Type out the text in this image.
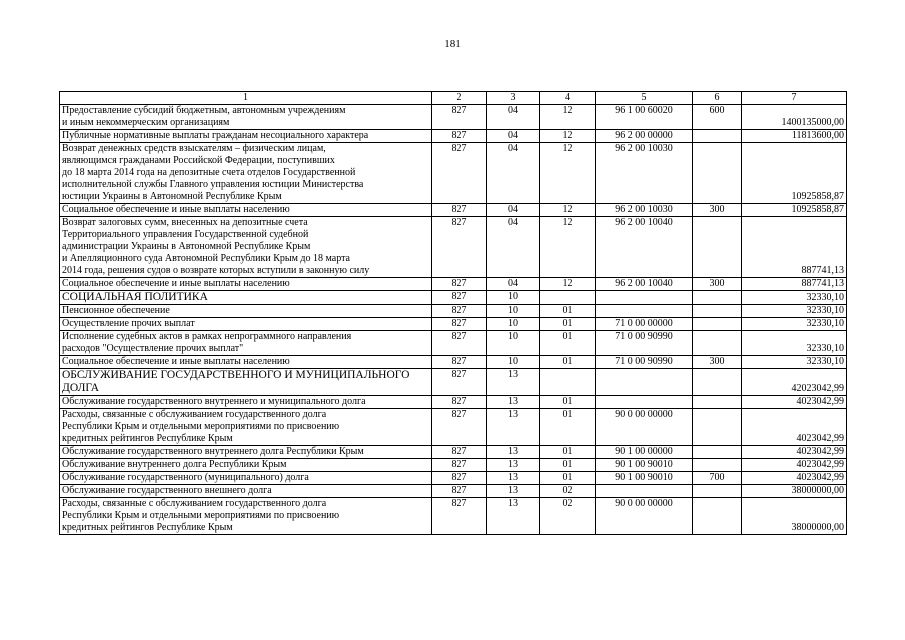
181
1	2	3	4	5	6	7

Предоставление субсидий бюджетным, автономным учреждениям
и иным некоммерческим организациям	827	04	12	96 1 00 60020	600	1400135000,00

Публичные нормативные выплаты гражданам несоциального характера	827	04	12	96 2 00 00000		11813600,00

Возврат денежных средств взыскателям – физическим лицам,
являющимся гражданами Российской Федерации, поступивших
до 18 марта 2014 года на депозитные счета отделов Государственной
исполнительной службы Главного управления юстиции Министерства
юстиции Украины в Автономной Республике Крым	827	04	12	96 2 00 10030		10925858,87

Социальное обеспечение и иные выплаты населению	827	04	12	96 2 00 10030	300	10925858,87

Возврат залоговых сумм, внесенных на депозитные счета
Территориального управления Государственной судебной
администрации Украины в Автономной Республике Крым
и Апелляционного суда Автономной Республики Крым до 18 марта
2014 года, решения судов о возврате которых вступили в законную силу	827	04	12	96 2 00 10040		887741,13

Социальное обеспечение и иные выплаты населению	827	04	12	96 2 00 10040	300	887741,13

СОЦИАЛЬНАЯ ПОЛИТИКА	827	10				32330,10

Пенсионное обеспечение	827	10	01			32330,10

Осуществление прочих выплат	827	10	01	71 0 00 00000		32330,10

Исполнение судебных актов в рамках непрограммного направления
расходов "Осуществление прочих выплат"	827	10	01	71 0 00 90990		32330,10

Социальное обеспечение и иные выплаты населению	827	10	01	71 0 00 90990	300	32330,10

ОБСЛУЖИВАНИЕ ГОСУДАРСТВЕННОГО И МУНИЦИПАЛЬНОГО
ДОЛГА	827	13				42023042,99

Обслуживание государственного внутреннего и муниципального долга	827	13	01			4023042,99

Расходы, связанные с обслуживанием государственного долга
Республики Крым и отдельными мероприятиями по присвоению
кредитных рейтингов Республике Крым	827	13	01	90 0 00 00000		4023042,99

Обслуживание государственного внутреннего долга Республики Крым	827	13	01	90 1 00 00000		4023042,99

Обслуживание внутреннего долга Республики Крым	827	13	01	90 1 00 90010		4023042,99

Обслуживание государственного (муниципального) долга	827	13	01	90 1 00 90010	700	4023042,99

Обслуживание государственного внешнего долга	827	13	02			38000000,00

Расходы, связанные с обслуживанием государственного долга
Республики Крым и отдельными мероприятиями по присвоению
кредитных рейтингов Республике Крым	827	13	02	90 0 00 00000		38000000,00
